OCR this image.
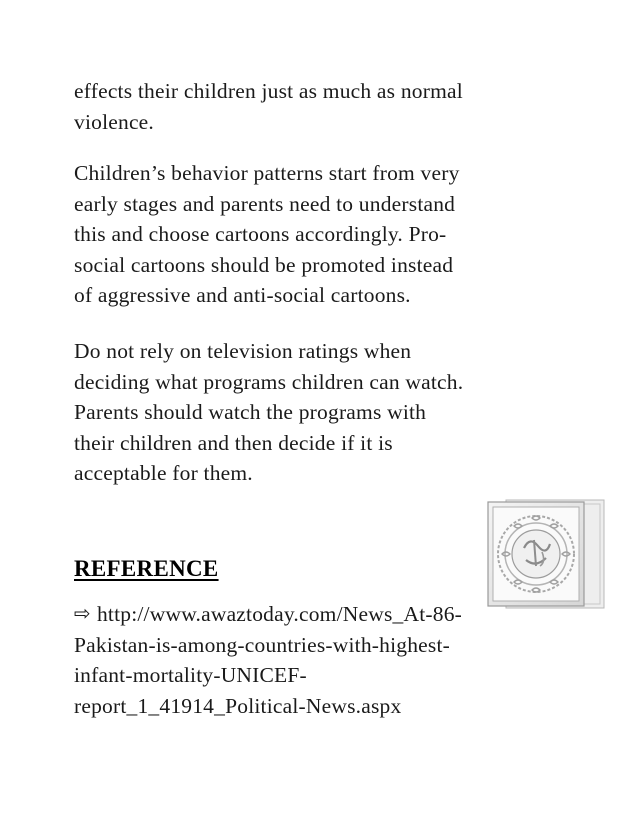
effects their children just as much as normal
violence.

Children’s behavior patterns start from very
early stages and parents need to understand
this and choose cartoons accordingly. Pro-
social cartoons should be promoted instead
of aggressive and anti-social cartoons.

Do not rely on television ratings when
deciding what programs children can watch.
Parents should watch the programs with
their children and then decide if it is
acceptable for them.

REFERENCE
⇨ http://www.awaztoday.com/News_At-86-
Pakistan-is-among-countries-with-highest-
infant-mortality-UNICEF-
report_1_41914_Political-News.aspx
